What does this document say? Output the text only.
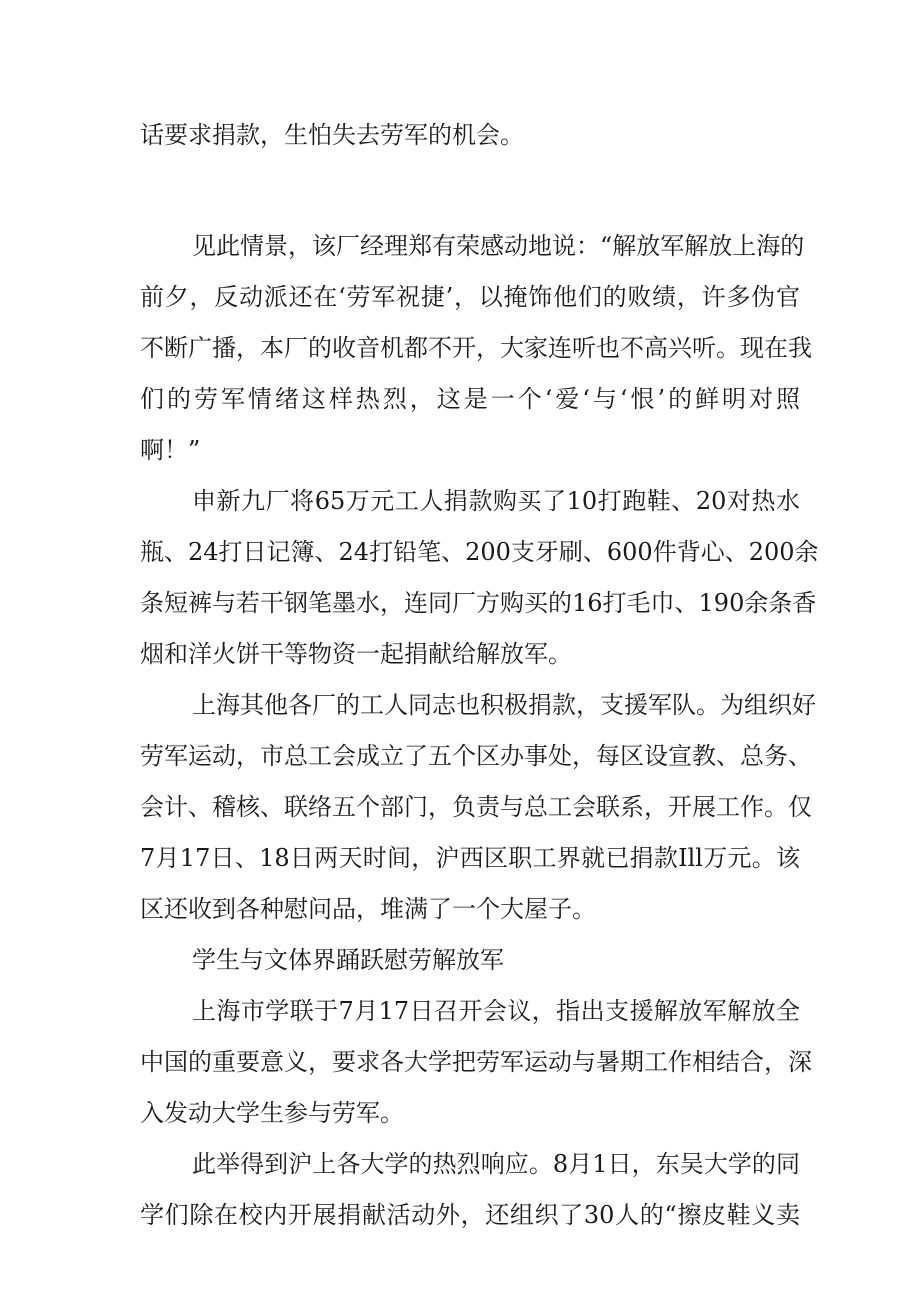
话要求捐款，生怕失去劳军的机会。
见此情景，该厂经理郑有荣感动地说：“解放军解放上海的
前夕，反动派还在‘劳军祝捷’，以掩饰他们的败绩，许多伪官
不断广播，本厂的收音机都不开，大家连听也不高兴听。现在我
们的劳军情绪这样热烈，这是一个‘爱‘与‘恨’的鲜明对照
啊！”
申新九厂将65万元工人捐款购买了10打跑鞋、20对热水
瓶、24打日记簿、24打铅笔、200支牙刷、600件背心、200余
条短裤与若干钢笔墨水，连同厂方购买的16打毛巾、190余条香
烟和洋火饼干等物资一起捐献给解放军。
上海其他各厂的工人同志也积极捐款，支援军队。为组织好
劳军运动，市总工会成立了五个区办事处，每区设宣教、总务、
会计、稽核、联络五个部门，负责与总工会联系，开展工作。仅
7月17日、18日两天时间，沪西区职工界就已捐款Ill万元。该
区还收到各种慰问品，堆满了一个大屋子。
学生与文体界踊跃慰劳解放军
上海市学联于7月17日召开会议，指出支援解放军解放全
中国的重要意义，要求各大学把劳军运动与暑期工作相结合，深
入发动大学生参与劳军。
此举得到沪上各大学的热烈响应。8月1日，东吴大学的同
学们除在校内开展捐献活动外，还组织了30人的“擦皮鞋义卖
